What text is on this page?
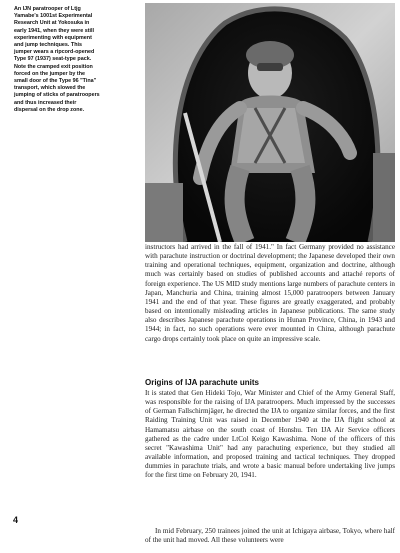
An IJN paratrooper of Ltjg
Yamabe's 1001st Experimental
Research Unit at Yokosuka in
early 1941, when they were still
experimenting with equipment
and jump techniques. This
jumper wears a ripcord-opened
Type 97 (1937) seat-type pack.
Note the cramped exit position
forced on the jumper by the
small door of the Type 96 "Tina"
transport, which slowed the
jumping of sticks of paratroopers
and thus increased their
dispersal on the drop zone.

instructors had arrived in the fall of 1941." In fact Germany provided no assistance with parachute instruction or doctrinal development; the Japanese developed their own training and operational techniques, equipment, organization and doctrine, although much was certainly based on studies of published accounts and attaché reports of foreign experience. The US MID study mentions large numbers of parachute centers in Japan, Manchuria and China, training almost 15,000 paratroopers between January 1941 and the end of that year. These figures are greatly exaggerated, and probably based on intentionally misleading articles in Japanese publications. The same study also describes Japanese parachute operations in Hunan Province, China, in 1943 and 1944; in fact, no such operations were ever mounted in China, although parachute cargo drops certainly took place on quite an impressive scale.

Origins of IJA parachute units

It is stated that Gen Hideki Tojo, War Minister and Chief of the Army General Staff, was responsible for the raising of IJA paratroopers. Much impressed by the successes of German Fallschirmjäger, he directed the IJA to organize similar forces, and the first Raiding Training Unit was raised in December 1940 at the IJA flight school at Hamamatsu airbase on the south coast of Honshu. Ten IJA Air Service officers gathered as the cadre under LtCol Keigo Kawashima. None of the officers of this secret "Kawashima Unit" had any parachuting experience, but they studied all available information, and proposed training and tactical techniques. They dropped dummies in parachute trials, and wrote a basic manual before undertaking live jumps for the first time on February 20, 1941.

In mid February, 250 trainees joined the unit at Ichigaya airbase, Tokyo, where half of the unit had moved. All these volunteers were

4
